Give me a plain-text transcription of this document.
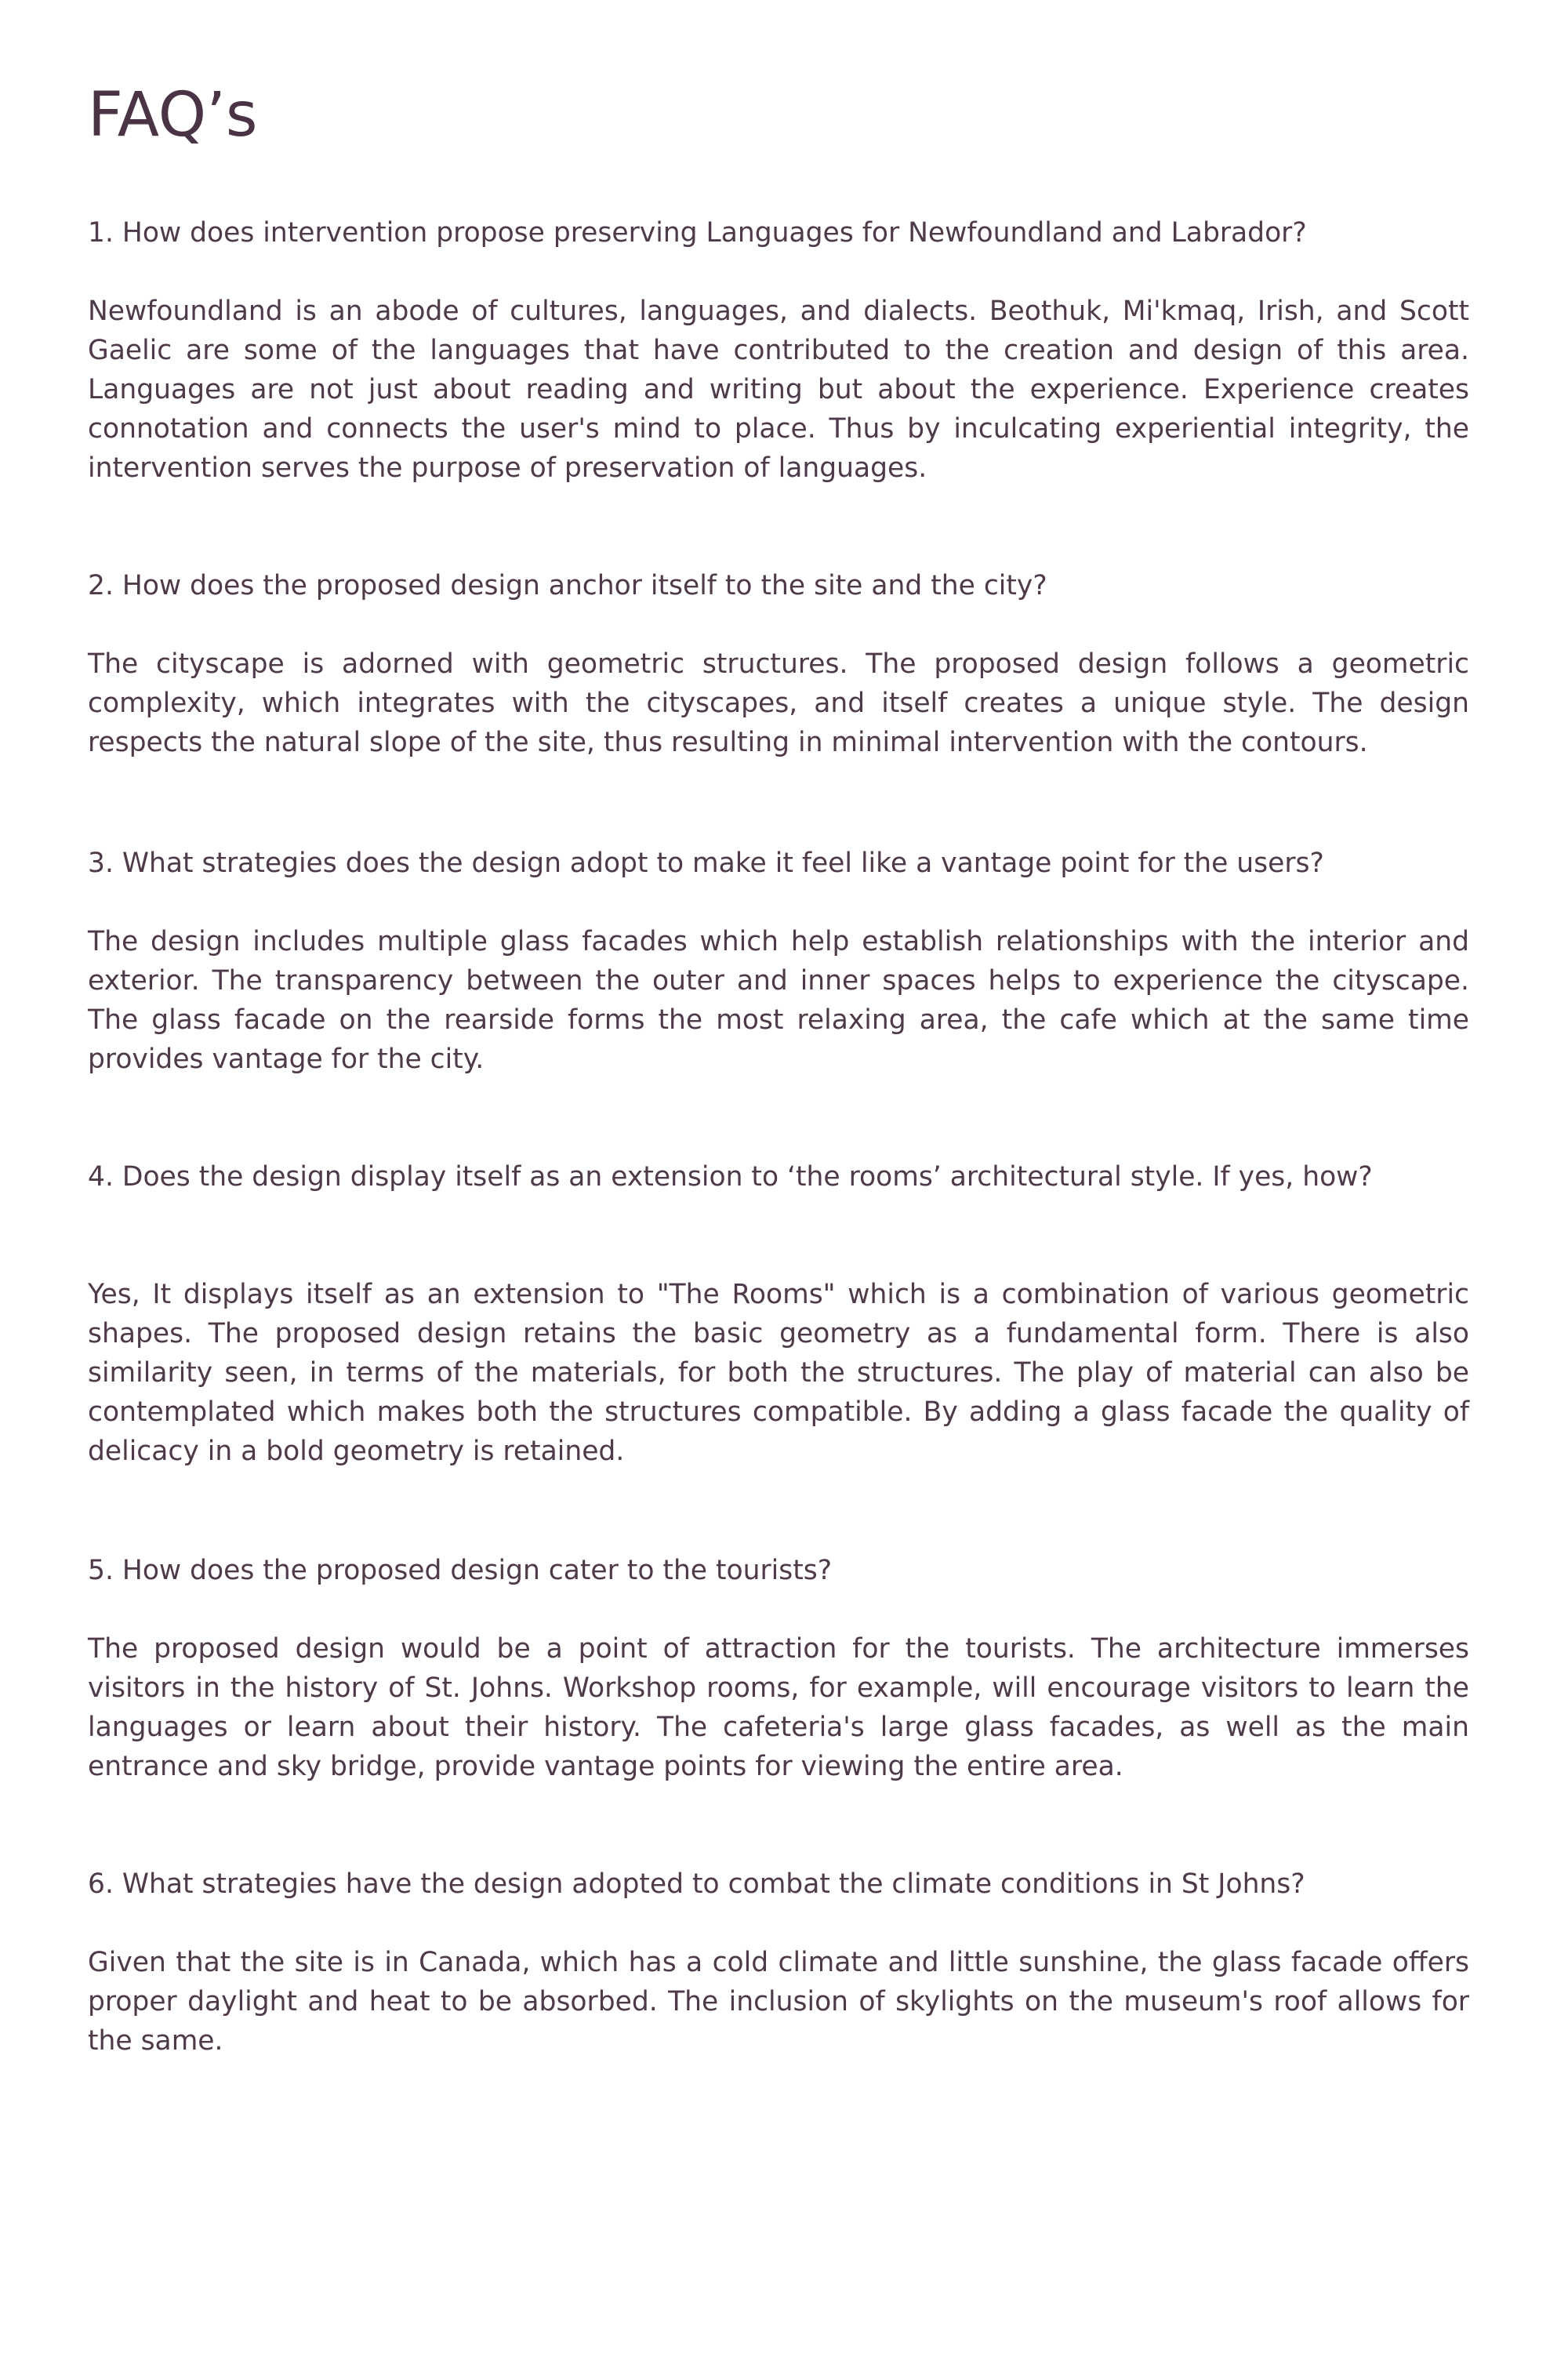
FAQ’s

1. How does intervention propose preserving Languages for Newfoundland and Labrador?

Newfoundland is an abode of cultures, languages, and dialects. Beothuk, Mi'kmaq, Irish, and Scott Gaelic are some of the languages that have contributed to the creation and design of this area. Languages are not just about reading and writing but about the experience. Experience creates connotation and connects the user's mind to place. Thus by inculcating experiential integrity, the intervention serves the purpose of preservation of languages.

2. How does the proposed design anchor itself to the site and the city?

The cityscape is adorned with geometric structures. The proposed design follows a geometric complexity, which integrates with the cityscapes, and itself creates a unique style. The design respects the natural slope of the site, thus resulting in minimal intervention with the contours.

3. What strategies does the design adopt to make it feel like a vantage point for the users?

The design includes multiple glass facades which help establish relationships with the interior and exterior. The transparency between the outer and inner spaces helps to experience the cityscape. The glass facade on the rearside forms the most relaxing area, the cafe which at the same time provides vantage for the city.

4. Does the design display itself as an extension to ‘the rooms’ architectural style. If yes, how?

Yes, It displays itself as an extension to "The Rooms" which is a combination of various geometric shapes. The proposed design retains the basic geometry as a fundamental form. There is also similarity seen, in terms of the materials, for both the structures. The play of material can also be contemplated which makes both the structures compatible. By adding a glass facade the quality of delicacy in a bold geometry is retained.

5. How does the proposed design cater to the tourists?

The proposed design would be a point of attraction for the tourists. The architecture immerses visitors in the history of St. Johns. Workshop rooms, for example, will encourage visitors to learn the languages or learn about their history. The cafeteria's large glass facades, as well as the main entrance and sky bridge, provide vantage points for viewing the entire area.

6. What strategies have the design adopted to combat the climate conditions in St Johns?

Given that the site is in Canada, which has a cold climate and little sunshine, the glass facade offers proper daylight and heat to be absorbed. The inclusion of skylights on the museum's roof allows for the same.
